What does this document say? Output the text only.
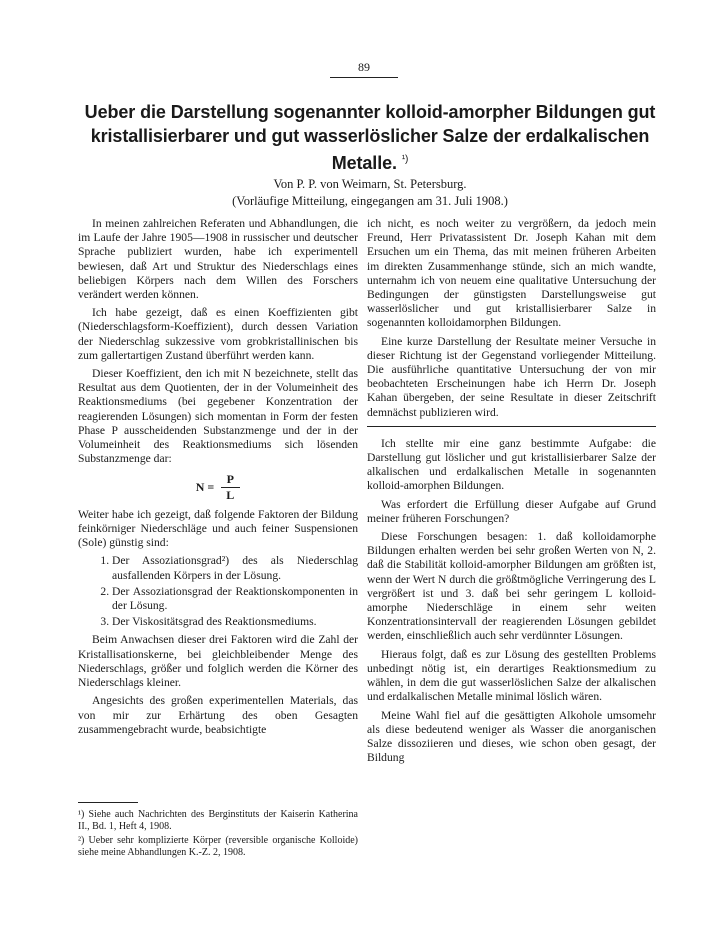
89
Ueber die Darstellung sogenannter kolloid-amorpher Bildungen gut kristallisierbarer und gut wasserlöslicher Salze der erdalkalischen Metalle. $^{^1)}$
Von P. P. von Weimarn, St. Petersburg.
(Vorläufige Mitteilung, eingegangen am 31. Juli 1908.)

In meinen zahlreichen Referaten und Abhandlungen, die im Laufe der Jahre 1905—1908 in russischer und deutscher Sprache publiziert wurden, habe ich experimentell bewiesen, daß Art und Struktur des Niederschlags eines beliebigen Körpers nach dem Willen des Forschers verändert werden können.

Ich habe gezeigt, daß es einen Koeffizienten gibt (Niederschlagsform-Koeffizient), durch dessen Variation der Niederschlag sukzessive vom grobkristallinischen bis zum gallertartigen Zustand überführt werden kann.

Dieser Koeffizient, den ich mit N bezeichnete, stellt das Resultat aus dem Quotienten, der in der Volumeinheit des Reaktionsmediums (bei gegebener Konzentration der reagierenden Lösungen) sich momentan in Form der festen Phase P ausscheidenden Substanzmenge und der in der Volumeinheit des Reaktionsmediums sich lösenden Substanzmenge dar:

$N = \frac{P}{L}$

Weiter habe ich gezeigt, daß folgende Faktoren der Bildung feinkörniger Niederschläge und auch feiner Suspensionen (Sole) günstig sind:

1. Der Assoziationsgrad²) des als Niederschlag ausfallenden Körpers in der Lösung.
2. Der Assoziationsgrad der Reaktionskomponenten in der Lösung.
3. Der Viskositätsgrad des Reaktionsmediums.

Beim Anwachsen dieser drei Faktoren wird die Zahl der Kristallisationskerne, bei gleichbleibender Menge des Niederschlags, größer und folglich werden die Körner des Niederschlags kleiner.

Angesichts des großen experimentellen Materials, das von mir zur Erhärtung des oben Gesagten zusammengebracht wurde, beabsichtigte

ich nicht, es noch weiter zu vergrößern, da jedoch mein Freund, Herr Privatassistent Dr. Joseph Kahan mit dem Ersuchen um ein Thema, das mit meinen früheren Arbeiten im direkten Zusammenhange stünde, sich an mich wandte, unternahm ich von neuem eine qualitative Untersuchung der Bedingungen der günstigsten Darstellungsweise gut wasserlöslicher und gut kristallisierbarer Salze in sogenannten kolloidamorphen Bildungen.

Eine kurze Darstellung der Resultate meiner Versuche in dieser Richtung ist der Gegenstand vorliegender Mitteilung. Die ausführliche quantitative Untersuchung der von mir beobachteten Erscheinungen habe ich Herrn Dr. Joseph Kahan übergeben, der seine Resultate in dieser Zeitschrift demnächst publizieren wird.

Ich stellte mir eine ganz bestimmte Aufgabe: die Darstellung gut löslicher und gut kristallisierbarer Salze der alkalischen und erdalkalischen Metalle in sogenannten kolloid-amorphen Bildungen.

Was erfordert die Erfüllung dieser Aufgabe auf Grund meiner früheren Forschungen?

Diese Forschungen besagen: 1. daß kolloidamorphe Bildungen erhalten werden bei sehr großen Werten von N, 2. daß die Stabilität kolloid-amorpher Bildungen am größten ist, wenn der Wert N durch die größtmögliche Verringerung des L vergrößert ist und 3. daß bei sehr geringem L kolloid-amorphe Niederschläge in einem sehr weiten Konzentrationsintervall der reagierenden Lösungen gebildet werden, einschließlich auch sehr verdünnter Lösungen.

Hieraus folgt, daß es zur Lösung des gestellten Problems unbedingt nötig ist, ein derartiges Reaktionsmedium zu wählen, in dem die gut wasserlöslichen Salze der alkalischen und erdalkalischen Metalle minimal löslich wären.

Meine Wahl fiel auf die gesättigten Alkohole umsomehr als diese bedeutend weniger als Wasser die anorganischen Salze dissoziieren und dieses, wie schon oben gesagt, der Bildung

¹) Siehe auch Nachrichten des Berginstituts der Kaiserin Katherina II., Bd. 1, Heft 4, 1908.
²) Ueber sehr komplizierte Körper (reversible organische Kolloide) siehe meine Abhandlungen K.-Z. 2, 1908.
